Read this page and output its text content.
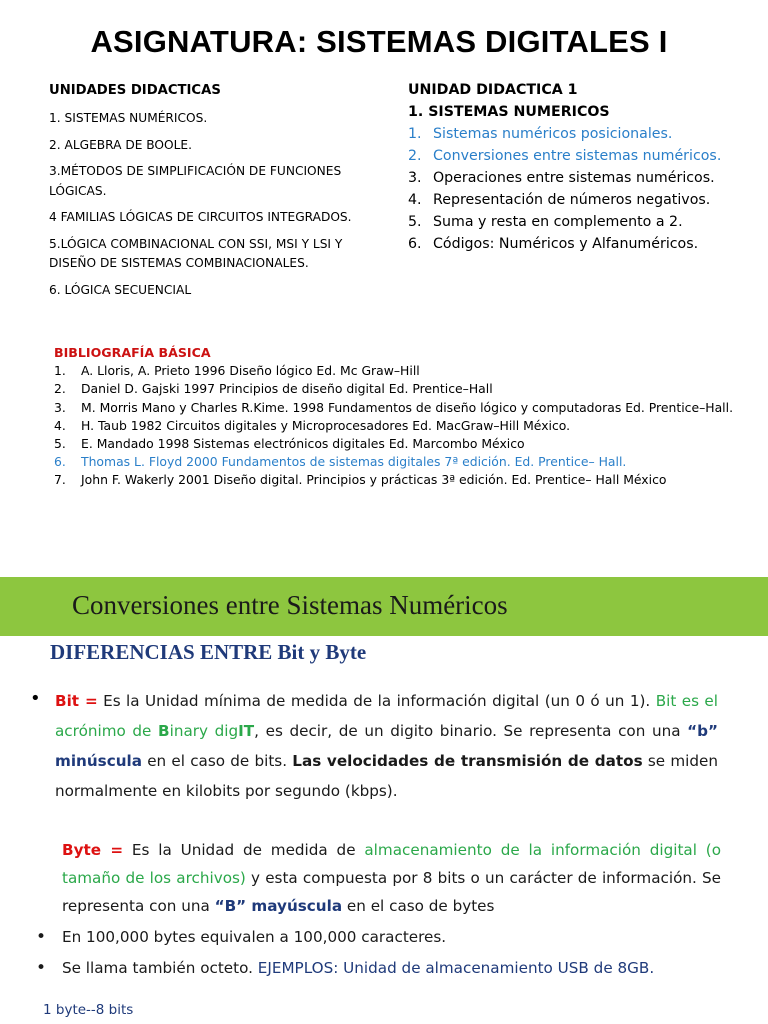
ASIGNATURA: SISTEMAS DIGITALES I
UNIDADES DIDACTICAS
1. SISTEMAS NUMÉRICOS.
2. ALGEBRA DE BOOLE.
3.MÉTODOS DE SIMPLIFICACIÓN DE FUNCIONES LÓGICAS.
4 FAMILIAS LÓGICAS DE CIRCUITOS INTEGRADOS.
5.LÓGICA COMBINACIONAL CON SSI, MSI Y LSI Y DISEÑO DE SISTEMAS COMBINACIONALES.
6. LÓGICA SECUENCIAL
UNIDAD DIDACTICA 1
1. SISTEMAS NUMERICOS
1. Sistemas numéricos posicionales.
2. Conversiones entre sistemas numéricos.
3. Operaciones entre sistemas numéricos.
4. Representación de números negativos.
5. Suma y resta en complemento a 2.
6. Códigos: Numéricos y Alfanuméricos.
BIBLIOGRAFÍA BÁSICA
1.	A. Lloris, A. Prieto 1996 Diseño lógico Ed. Mc Graw–Hill
2.	Daniel D. Gajski 1997 Principios de diseño digital Ed. Prentice–Hall
3.	M. Morris Mano y Charles R.Kime. 1998 Fundamentos de diseño lógico y computadoras Ed. Prentice–Hall.
4.	H. Taub 1982 Circuitos digitales y Microprocesadores Ed. MacGraw–Hill México.
5.	E. Mandado 1998 Sistemas electrónicos digitales Ed. Marcombo México
6.	Thomas L. Floyd 2000 Fundamentos de sistemas digitales 7ª edición. Ed. Prentice– Hall.
7.	John F. Wakerly 2001 Diseño digital. Principios y prácticas 3ª edición. Ed. Prentice– Hall México
Conversiones entre Sistemas Numéricos
DIFERENCIAS ENTRE Bit y Byte
• Bit = Es la Unidad mínima de medida de la información digital (un 0 ó un 1). Bit es el acrónimo de Binary digIT, es decir, de un digito binario. Se representa con una “b” minúscula en el caso de bits. Las velocidades de transmisión de datos se miden normalmente en kilobits por segundo (kbps).
Byte = Es la Unidad de medida de almacenamiento de la información digital (o tamaño de los archivos) y esta compuesta por 8 bits o un carácter de información. Se representa con una “B” mayúscula en el caso de bytes
• En 100,000 bytes equivalen a 100,000 caracteres.
• Se llama también octeto. EJEMPLOS: Unidad de almacenamiento USB de 8GB.
1 byte--8 bits
